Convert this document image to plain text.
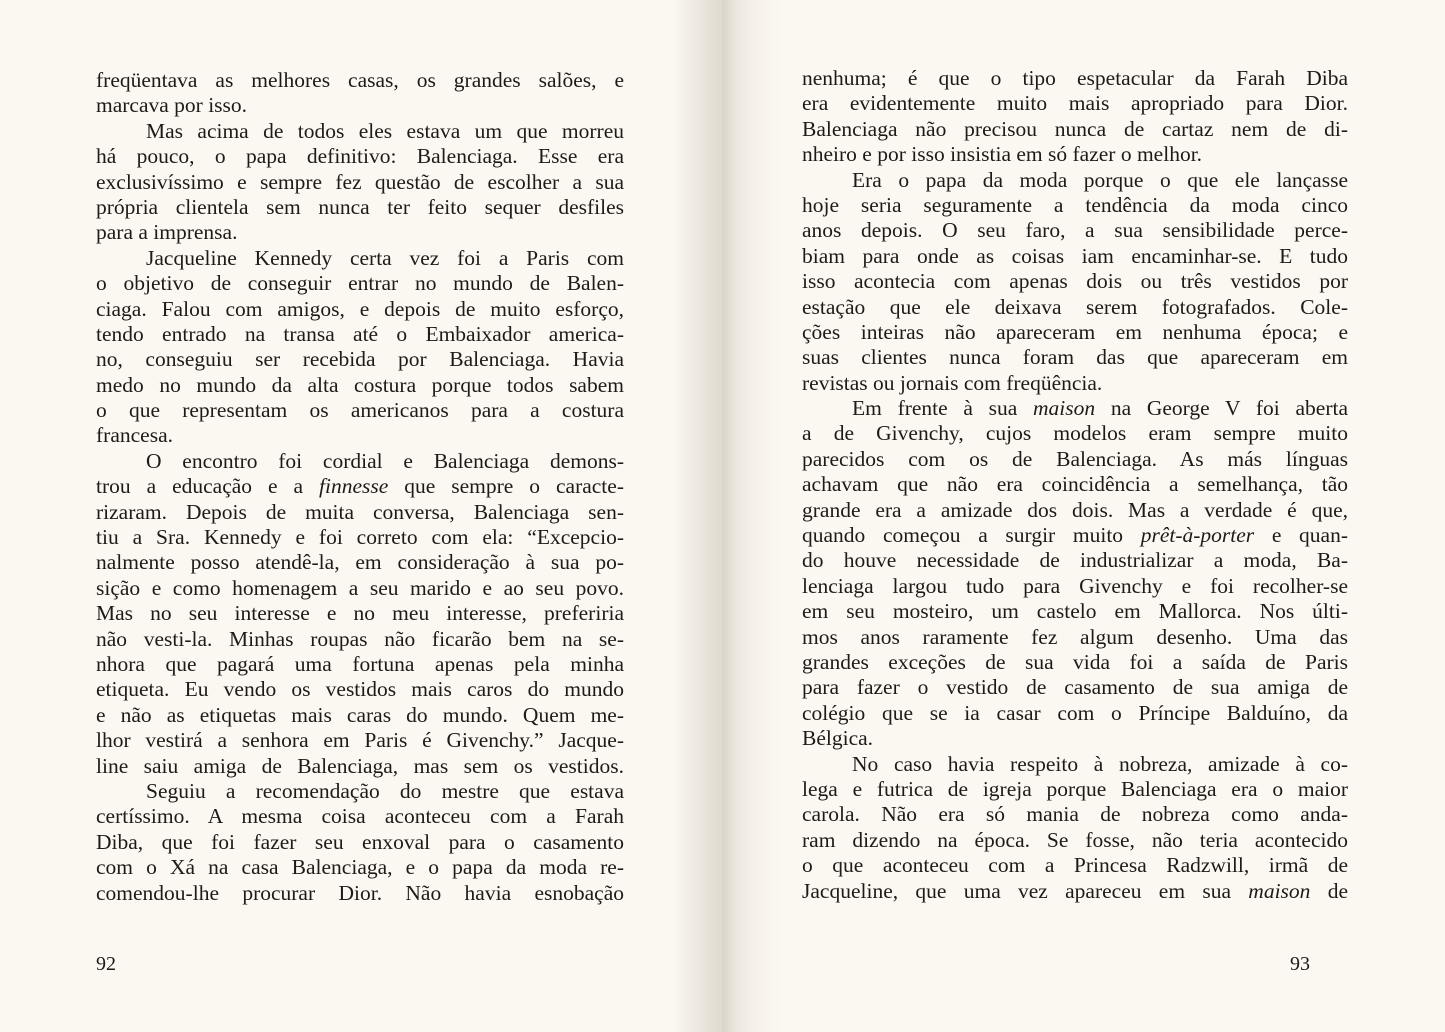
freqüentava as melhores casas, os grandes salões, e
marcava por isso.
Mas acima de todos eles estava um que morreu
há pouco, o papa definitivo: Balenciaga. Esse era
exclusivíssimo e sempre fez questão de escolher a sua
própria clientela sem nunca ter feito sequer desfiles
para a imprensa.
Jacqueline Kennedy certa vez foi a Paris com
o objetivo de conseguir entrar no mundo de Balen-
ciaga. Falou com amigos, e depois de muito esforço,
tendo entrado na transa até o Embaixador america-
no, conseguiu ser recebida por Balenciaga. Havia
medo no mundo da alta costura porque todos sabem
o que representam os americanos para a costura
francesa.
O encontro foi cordial e Balenciaga demons-
trou a educação e a finnesse que sempre o caracte-
rizaram. Depois de muita conversa, Balenciaga sen-
tiu a Sra. Kennedy e foi correto com ela: “Excepcio-
nalmente posso atendê-la, em consideração à sua po-
sição e como homenagem a seu marido e ao seu povo.
Mas no seu interesse e no meu interesse, preferiria
não vesti-la. Minhas roupas não ficarão bem na se-
nhora que pagará uma fortuna apenas pela minha
etiqueta. Eu vendo os vestidos mais caros do mundo
e não as etiquetas mais caras do mundo. Quem me-
lhor vestirá a senhora em Paris é Givenchy.” Jacque-
line saiu amiga de Balenciaga, mas sem os vestidos.
Seguiu a recomendação do mestre que estava
certíssimo. A mesma coisa aconteceu com a Farah
Diba, que foi fazer seu enxoval para o casamento
com o Xá na casa Balenciaga, e o papa da moda re-
comendou-lhe procurar Dior. Não havia esnobação
92
nenhuma; é que o tipo espetacular da Farah Diba
era evidentemente muito mais apropriado para Dior.
Balenciaga não precisou nunca de cartaz nem de di-
nheiro e por isso insistia em só fazer o melhor.
Era o papa da moda porque o que ele lançasse
hoje seria seguramente a tendência da moda cinco
anos depois. O seu faro, a sua sensibilidade perce-
biam para onde as coisas iam encaminhar-se. E tudo
isso acontecia com apenas dois ou três vestidos por
estação que ele deixava serem fotografados. Cole-
ções inteiras não apareceram em nenhuma época; e
suas clientes nunca foram das que apareceram em
revistas ou jornais com freqüência.
Em frente à sua maison na George V foi aberta
a de Givenchy, cujos modelos eram sempre muito
parecidos com os de Balenciaga. As más línguas
achavam que não era coincidência a semelhança, tão
grande era a amizade dos dois. Mas a verdade é que,
quando começou a surgir muito prêt-à-porter e quan-
do houve necessidade de industrializar a moda, Ba-
lenciaga largou tudo para Givenchy e foi recolher-se
em seu mosteiro, um castelo em Mallorca. Nos últi-
mos anos raramente fez algum desenho. Uma das
grandes exceções de sua vida foi a saída de Paris
para fazer o vestido de casamento de sua amiga de
colégio que se ia casar com o Príncipe Balduíno, da
Bélgica.
No caso havia respeito à nobreza, amizade à co-
lega e futrica de igreja porque Balenciaga era o maior
carola. Não era só mania de nobreza como anda-
ram dizendo na época. Se fosse, não teria acontecido
o que aconteceu com a Princesa Radzwill, irmã de
Jacqueline, que uma vez apareceu em sua maison de
93
